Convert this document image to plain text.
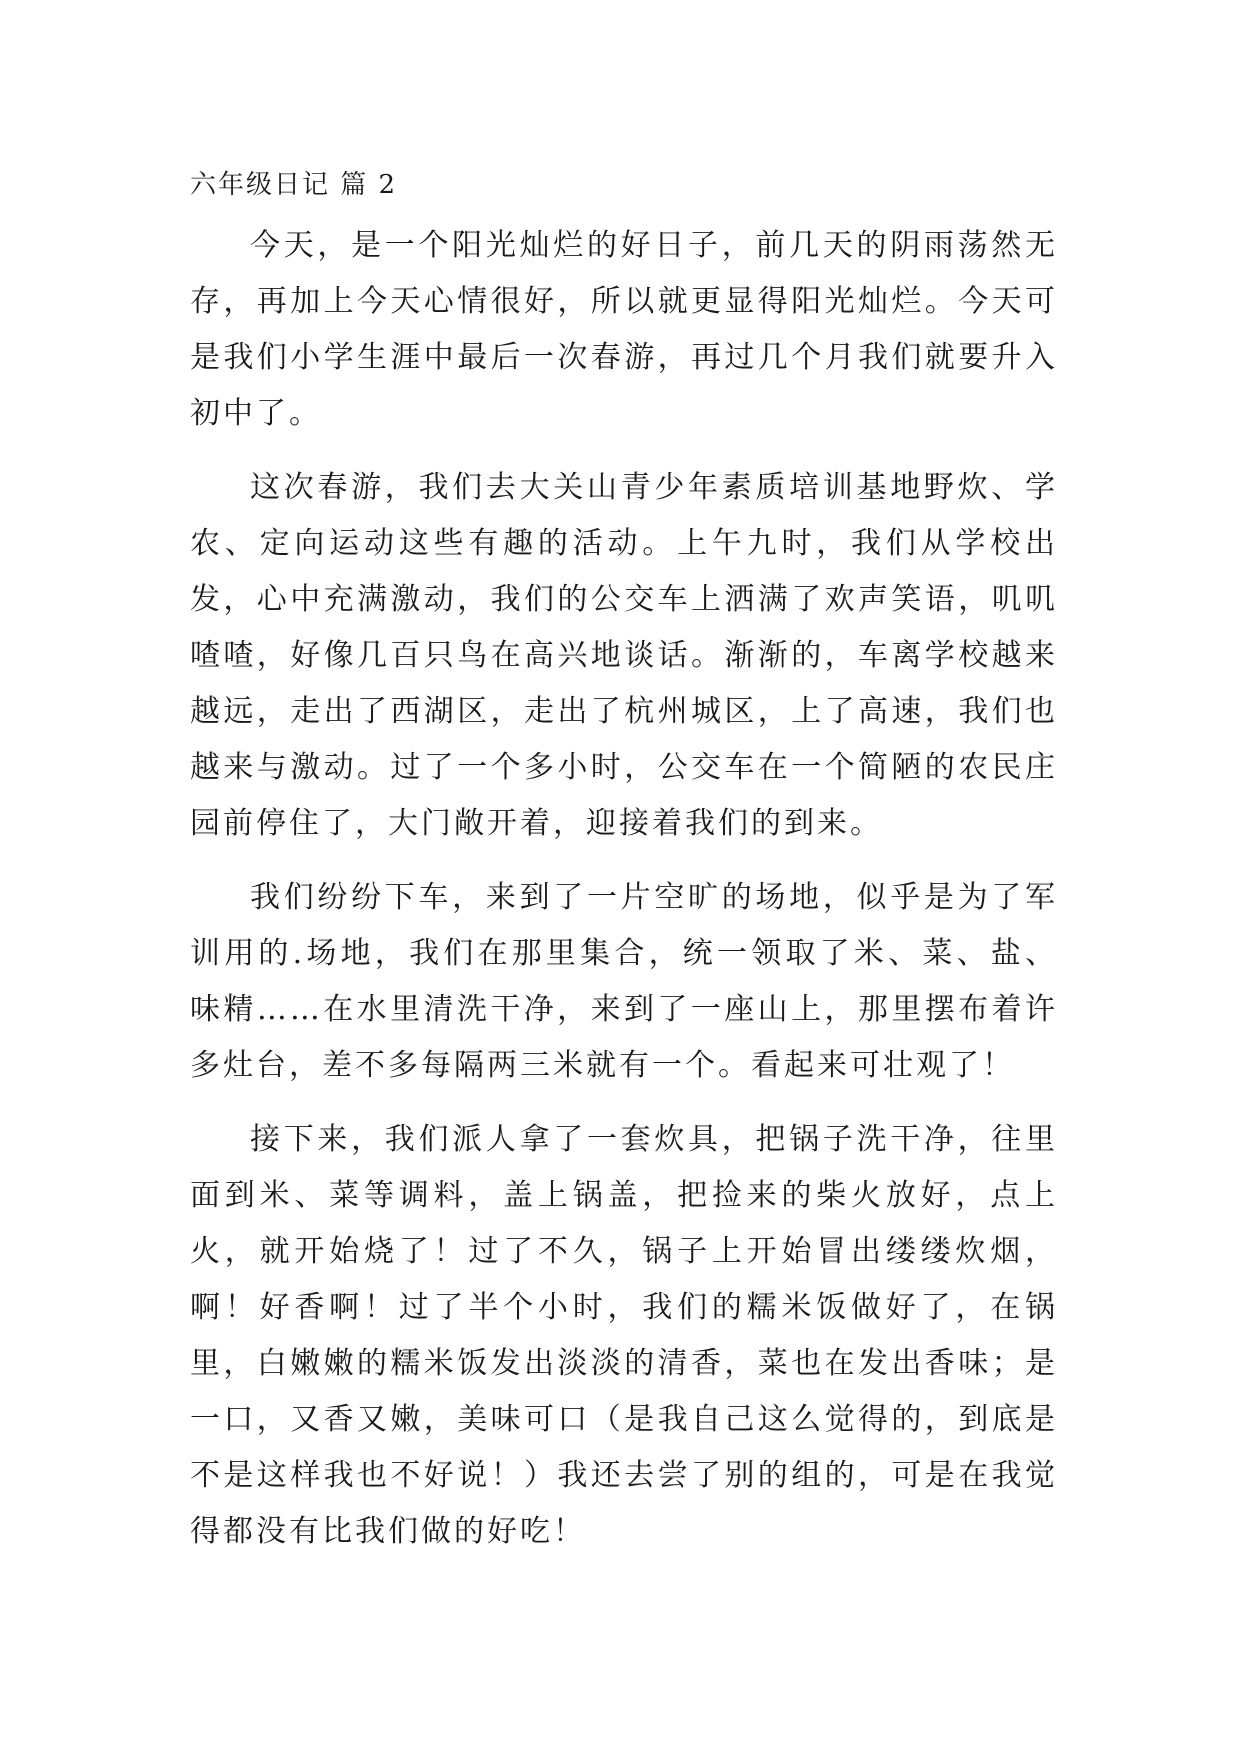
六年级日记 篇 2

今天，是一个阳光灿烂的好日子，前几天的阴雨荡然无存，再加上今天心情很好，所以就更显得阳光灿烂。今天可是我们小学生涯中最后一次春游，再过几个月我们就要升入初中了。

这次春游，我们去大关山青少年素质培训基地野炊、学农、定向运动这些有趣的活动。上午九时，我们从学校出发，心中充满激动，我们的公交车上洒满了欢声笑语，叽叽喳喳，好像几百只鸟在高兴地谈话。渐渐的，车离学校越来越远，走出了西湖区，走出了杭州城区，上了高速，我们也越来与激动。过了一个多小时，公交车在一个简陋的农民庄园前停住了，大门敞开着，迎接着我们的到来。

我们纷纷下车，来到了一片空旷的场地，似乎是为了军训用的.场地，我们在那里集合，统一领取了米、菜、盐、味精……在水里清洗干净，来到了一座山上，那里摆布着许多灶台，差不多每隔两三米就有一个。看起来可壮观了！

接下来，我们派人拿了一套炊具，把锅子洗干净，往里面到米、菜等调料，盖上锅盖，把捡来的柴火放好，点上火，就开始烧了！过了不久，锅子上开始冒出缕缕炊烟，啊！好香啊！过了半个小时，我们的糯米饭做好了，在锅里，白嫩嫩的糯米饭发出淡淡的清香，菜也在发出香味；是一口，又香又嫩，美味可口（是我自己这么觉得的，到底是不是这样我也不好说！）我还去尝了别的组的，可是在我觉得都没有比我们做的好吃！
